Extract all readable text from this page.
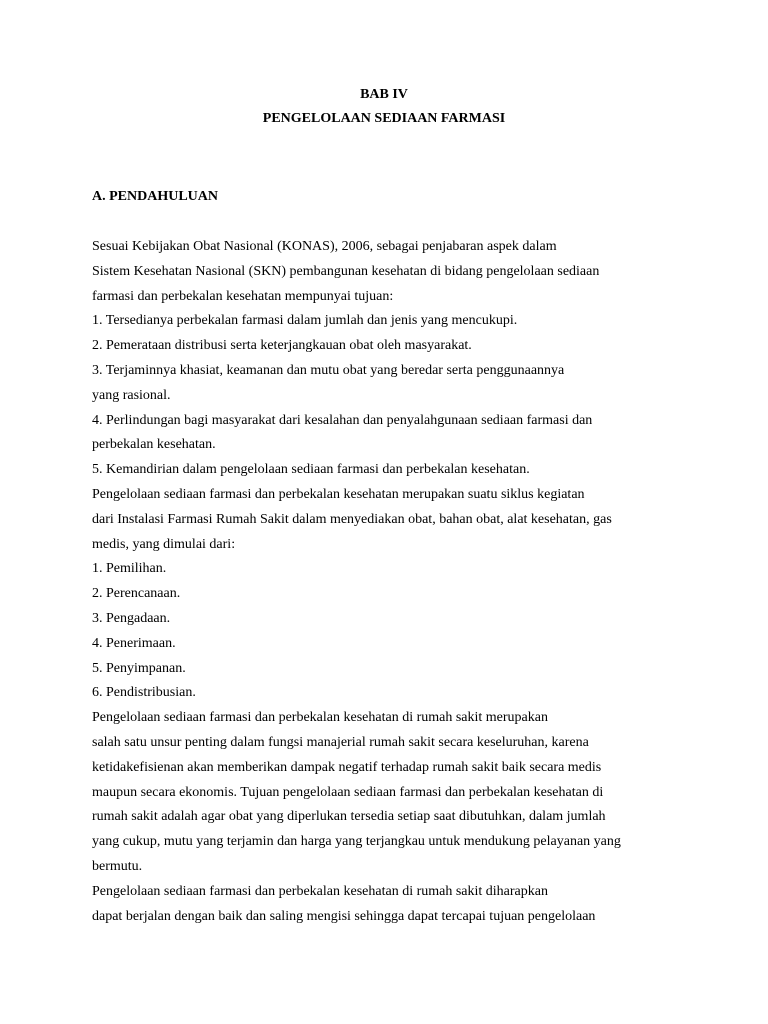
BAB IV
PENGELOLAAN SEDIAAN FARMASI
A. PENDAHULUAN
Sesuai Kebijakan Obat Nasional (KONAS), 2006, sebagai penjabaran aspek dalam
Sistem Kesehatan Nasional (SKN) pembangunan kesehatan di bidang pengelolaan sediaan
farmasi dan perbekalan kesehatan mempunyai tujuan:
1. Tersedianya perbekalan farmasi dalam jumlah dan jenis yang mencukupi.
2. Pemerataan distribusi serta keterjangkauan obat oleh masyarakat.
3. Terjaminnya khasiat, keamanan dan mutu obat yang beredar serta penggunaannya
yang rasional.
4. Perlindungan bagi masyarakat dari kesalahan dan penyalahgunaan sediaan farmasi dan
perbekalan kesehatan.
5. Kemandirian dalam pengelolaan sediaan farmasi dan perbekalan kesehatan.
Pengelolaan sediaan farmasi dan perbekalan kesehatan merupakan suatu siklus kegiatan
dari Instalasi Farmasi Rumah Sakit dalam menyediakan obat, bahan obat, alat kesehatan, gas
medis, yang dimulai dari:
1. Pemilihan.
2. Perencanaan.
3. Pengadaan.
4. Penerimaan.
5. Penyimpanan.
6. Pendistribusian.
Pengelolaan sediaan farmasi dan perbekalan kesehatan di rumah sakit merupakan
salah satu unsur penting dalam fungsi manajerial rumah sakit secara keseluruhan, karena
ketidakefisienan akan memberikan dampak negatif terhadap rumah sakit baik secara medis
maupun secara ekonomis. Tujuan pengelolaan sediaan farmasi dan perbekalan kesehatan di
rumah sakit adalah agar obat yang diperlukan tersedia setiap saat dibutuhkan, dalam jumlah
yang cukup, mutu yang terjamin dan harga yang terjangkau untuk mendukung pelayanan yang
bermutu.
Pengelolaan sediaan farmasi dan perbekalan kesehatan di rumah sakit diharapkan
dapat berjalan dengan baik dan saling mengisi sehingga dapat tercapai tujuan pengelolaan
